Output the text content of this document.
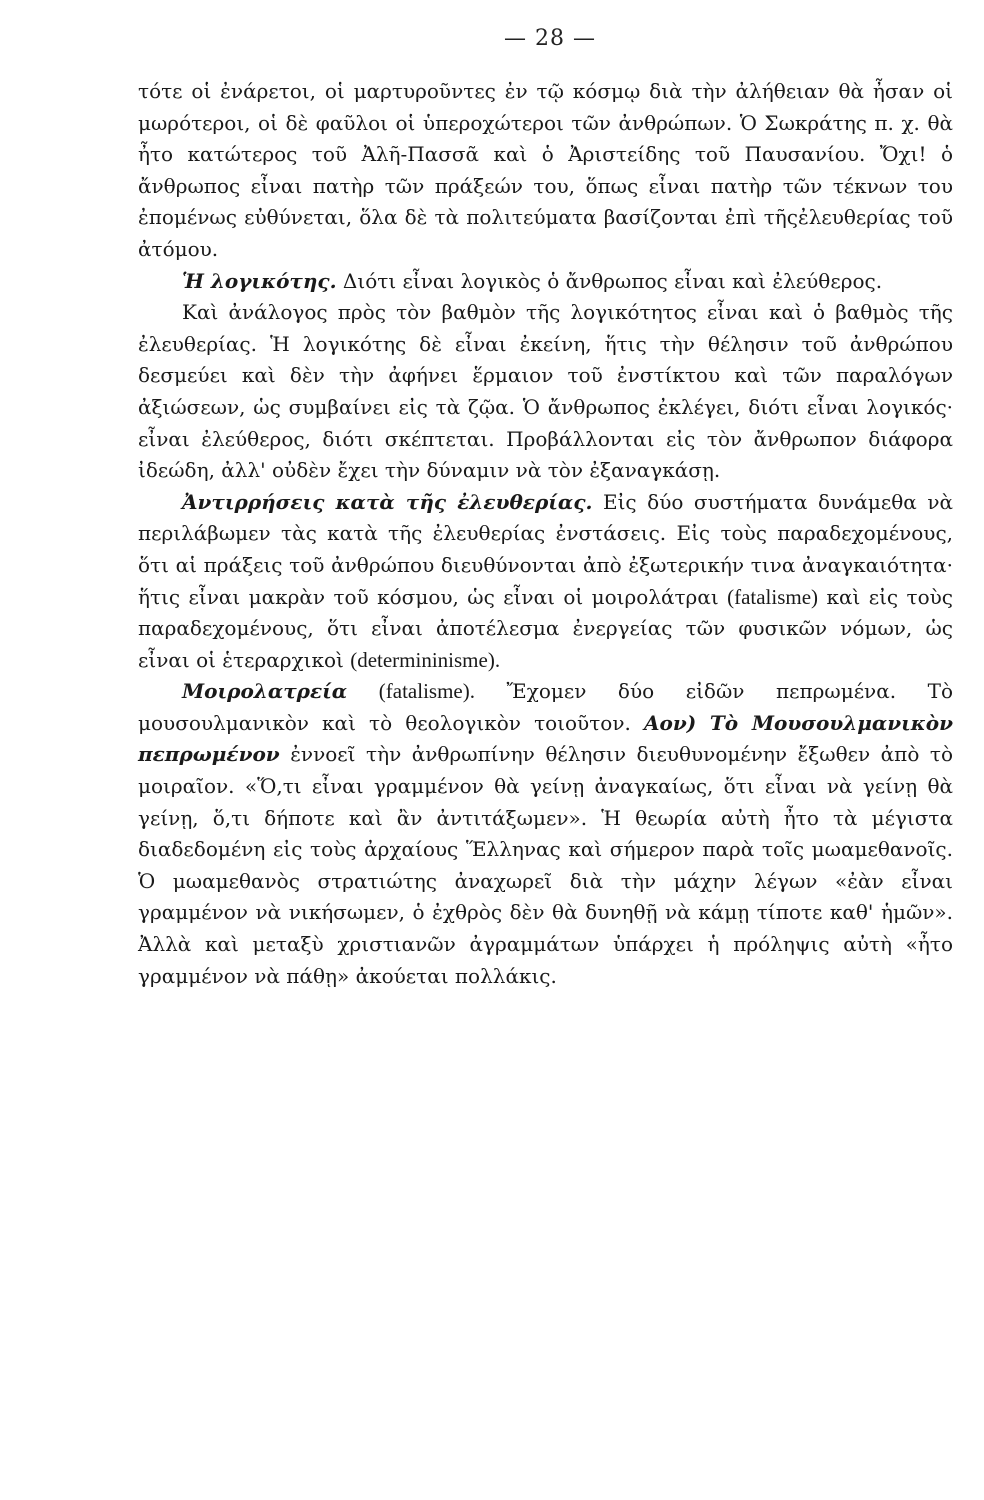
— 28 —

τότε οἱ ἐνάρετοι, οἱ μαρτυροῦντες ἐν τῷ κόσμῳ διὰ τὴν ἀλήθειαν θὰ ἦσαν οἱ μωρότεροι, οἱ δὲ φαῦλοι οἱ ὑπεροχώτεροι τῶν ἀνθρώπων. Ὁ Σωκράτης π. χ. θὰ ἦτο κατώτερος τοῦ Ἀλῆ-Πασσᾶ καὶ ὁ Ἀριστείδης τοῦ Παυσανίου. Ὄχι! ὁ ἄνθρωπος εἶναι πατὴρ τῶν πράξεών του, ὅπως εἶναι πατὴρ τῶν τέκνων του ἐπομένως εὐθύνεται, ὅλα δὲ τὰ πολιτεύματα βασίζονται ἐπὶ τῆςἐλευθερίας τοῦ ἀτόμου.

Ἡ λογικότης. Διότι εἶναι λογικὸς ὁ ἄνθρωπος εἶναι καὶ ἐλεύθερος.

Καὶ ἀνάλογος πρὸς τὸν βαθμὸν τῆς λογικότητος εἶναι καὶ ὁ βαθμὸς τῆς ἐλευθερίας. Ἡ λογικότης δὲ εἶναι ἐκείνη, ἥτις τὴν θέλησιν τοῦ ἀνθρώπου δεσμεύει καὶ δὲν τὴν ἀφήνει ἕρμαιον τοῦ ἐνστίκτου καὶ τῶν παραλόγων ἀξιώσεων, ὡς συμβαίνει εἰς τὰ ζῷα. Ὁ ἄνθρωπος ἐκλέγει, διότι εἶναι λογικός· εἶναι ἐλεύθερος, διότι σκέπτεται. Προβάλλονται εἰς τὸν ἄνθρωπον διάφορα ἰδεώδη, ἀλλ' οὐδὲν ἔχει τὴν δύναμιν νὰ τὸν ἐξαναγκάσῃ.

Ἀντιρρήσεις κατὰ τῆς ἐλευθερίας. Εἰς δύο συστήματα δυνάμεθα νὰ περιλάβωμεν τὰς κατὰ τῆς ἐλευθερίας ἐνστάσεις. Εἰς τοὺς παραδεχομένους, ὅτι αἱ πράξεις τοῦ ἀνθρώπου διευθύνονται ἀπὸ ἐξωτερικήν τινα ἀναγκαιότητα· ἥτις εἶναι μακρὰν τοῦ κόσμου, ὡς εἶναι οἱ μοιρολάτραι (fatalisme) καὶ εἰς τοὺς παραδεχομένους, ὅτι εἶναι ἀποτέλεσμα ἐνεργείας τῶν φυσικῶν νόμων, ὡς εἶναι οἱ ἑτεραρχικοὶ (determininisme).

Μοιρολατρεία (fatalisme). Ἔχομεν δύο εἰδῶν πεπρωμένα. Τὸ μουσουλμανικὸν καὶ τὸ θεολογικὸν τοιοῦτον. Αον) Τὸ Μουσουλμανικὸν πεπρωμένον ἐννοεῖ τὴν ἀνθρωπίνην θέλησιν διευθυνομένην ἔξωθεν ἀπὸ τὸ μοιραῖον. «Ὅ,τι εἶναι γραμμένον θὰ γείνῃ ἀναγκαίως, ὅτι εἶναι νὰ γείνῃ θὰ γείνῃ, ὅ,τι δήποτε καὶ ἂν ἀντιτάξωμεν». Ἡ θεωρία αὐτὴ ἦτο τὰ μέγιστα διαδεδομένη εἰς τοὺς ἀρχαίους Ἕλληνας καὶ σήμερον παρὰ τοῖς μωαμεθανοῖς. Ὁ μωαμεθανὸς στρατιώτης ἀναχωρεῖ διὰ τὴν μάχην λέγων «ἐὰν εἶναι γραμμένον νὰ νικήσωμεν, ὁ ἐχθρὸς δὲν θὰ δυνηθῇ νὰ κάμῃ τίποτε καθ' ἡμῶν». Ἀλλὰ καὶ μεταξὺ χριστιανῶν ἀγραμμάτων ὑπάρχει ἡ πρόληψις αὐτὴ «ἦτο γραμμένον νὰ πάθῃ» ἀκούεται πολλάκις.
